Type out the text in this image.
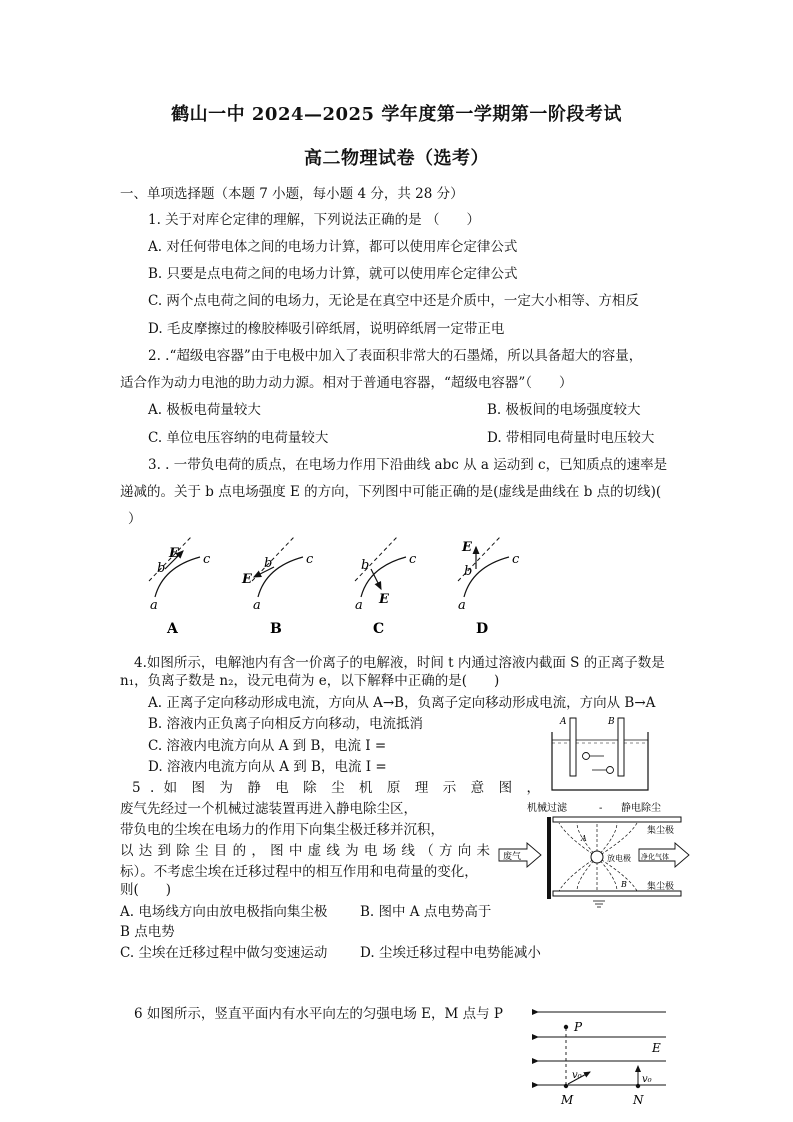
鹤山一中 2024—2025 学年度第一学期第一阶段考试
高二物理试卷（选考）
一、单项选择题（本题 7 小题，每小题 4 分，共 28 分）
1. 关于对库仑定律的理解，下列说法正确的是 （　　）
A. 对任何带电体之间的电场力计算，都可以使用库仑定律公式
B. 只要是点电荷之间的电场力计算，就可以使用库仑定律公式
C. 两个点电荷之间的电场力，无论是在真空中还是介质中，一定大小相等、方相反
D. 毛皮摩擦过的橡胶棒吸引碎纸屑，说明碎纸屑一定带正电
2. .“超级电容器”由于电极中加入了表面积非常大的石墨烯，所以具备超大的容量，
适合作为动力电池的助力动力源。相对于普通电容器，“超级电容器”（　　）
A. 极板电荷量较大	B. 极板间的电场强度较大
C. 单位电压容纳的电荷量较大	D. 带相同电荷量时电压较大
3. . 一带负电荷的质点，在电场力作用下沿曲线 abc 从 a 运动到 c，已知质点的速率是
递减的。关于 b 点电场强度 E 的方向，下列图中可能正确的是(虚线是曲线在 b 点的切线)(
）
E
b
c
a
A
E
b	c
a
B
E
b	c
a
C
E
b
c
a
D
4.如图所示，电解池内有含一价离子的电解液，时间 t 内通过溶液内截面 S 的正离子数是
n₁，负离子数是 n₂，设元电荷为 e，以下解释中正确的是(　　)
A. 正离子定向移动形成电流，方向从 A→B，负离子定向移动形成电流，方向从 B→A
B. 溶液内正负离子向相反方向移动，电流抵消
C. 溶液内电流方向从 A 到 B，电流 I =
D. 溶液内电流方向从 A 到 B，电流 I =
A	B
5 . 如 图 为 静 电 除 尘 机 原 理 示 意 图 ，
废气先经过一个机械过滤装置再进入静电除尘区，
带负电的尘埃在电场力的作用下向集尘极迁移并沉积，
以 达 到 除 尘 目 的 ， 图 中 虚 线 为 电 场 线 （ 方 向 未
标）。不考虑尘埃在迁移过程中的相互作用和电荷量的变化，
则(　　)
A. 电场线方向由放电极指向集尘极 B. 图中 A 点电势高于
B 点电势
C. 尘埃在迁移过程中做匀变速运动 D. 尘埃迁移过程中电势能减小
机械过滤	- 静电除尘
集尘极
集尘极
放电极
A
B
废气	净化气体
6 如图所示，竖直平面内有水平向左的匀强电场 E，M 点与 P
P
E
v₀	v₀
M	N
